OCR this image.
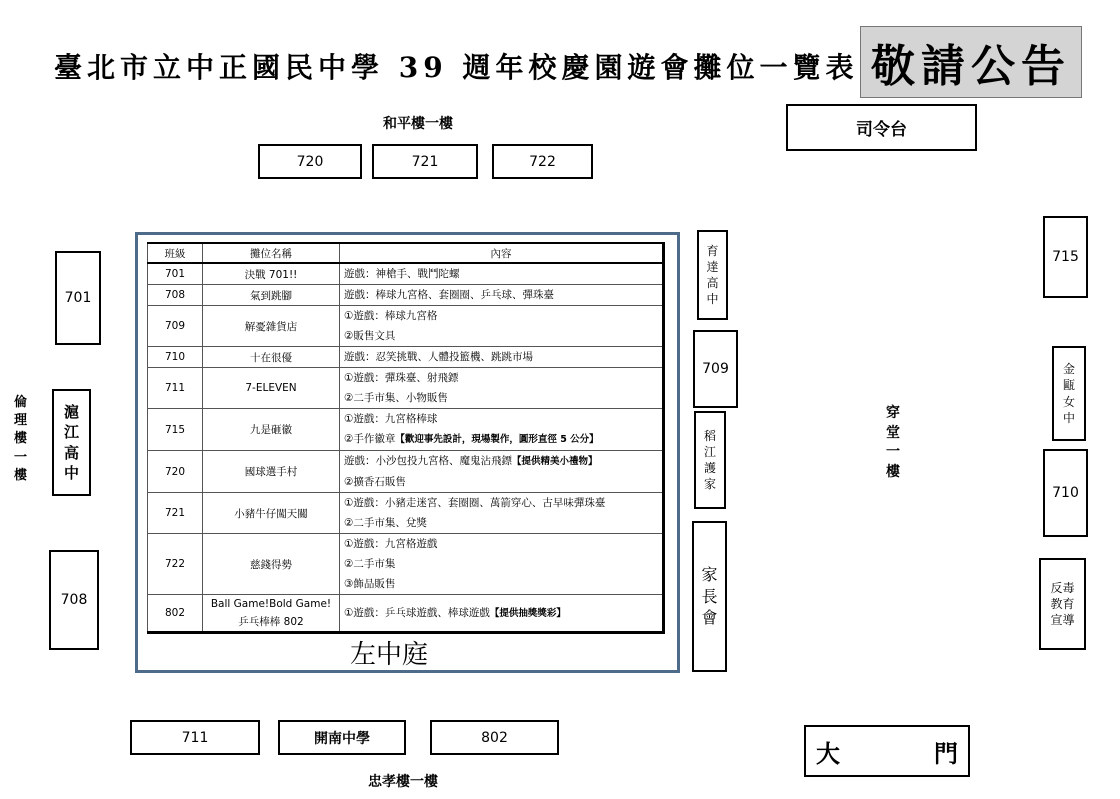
臺北市立中正國民中學 39 週年校慶園遊會攤位一覽表 敬請公告
和平樓一樓
720	721	722
司令台
倫
理
樓
一
樓
701
滬
江
高
中
708
左中庭
班級	攤位名稱	內容
701	決戰 701!!	遊戲：神槍手、戰鬥陀螺

708	氣到跳腳	遊戲：棒球九宮格、套圈圈、乒乓球、彈珠臺

709	解憂雜貨店	①遊戲：棒球九宮格
②販售文具

710	十在很優	遊戲：忍笑挑戰、人體投籃機、跳跳市場

711	7-ELEVEN	①遊戲：彈珠臺、射飛鏢
②二手市集、小物販售

715	九是砸徽	①遊戲：九宮格棒球
②手作徽章【歡迎事先設計，現場製作，圓形直徑 5 公分】

720	國球選手村	遊戲：小沙包投九宮格、魔鬼沾飛鏢【提供精美小禮物】
②擴香石販售

721	小豬牛仔闖天關	①遊戲：小豬走迷宮、套圈圈、萬箭穿心、古早味彈珠臺
②二手市集、兌獎

722	慈錢得勢	①遊戲：九宮格遊戲
②二手市集
③飾品販售

802	Ball Game!Bold Game!
乒乓棒棒 802	①遊戲：乒乓球遊戲、棒球遊戲【提供抽獎獎彩】
育
達
高
中
709
稻
江
護
家
家
長
會
穿
堂
一
樓
715
金
甌
女
中
710
反毒
教育
宣導
711	開南中學	802
忠孝樓一樓
大	門
